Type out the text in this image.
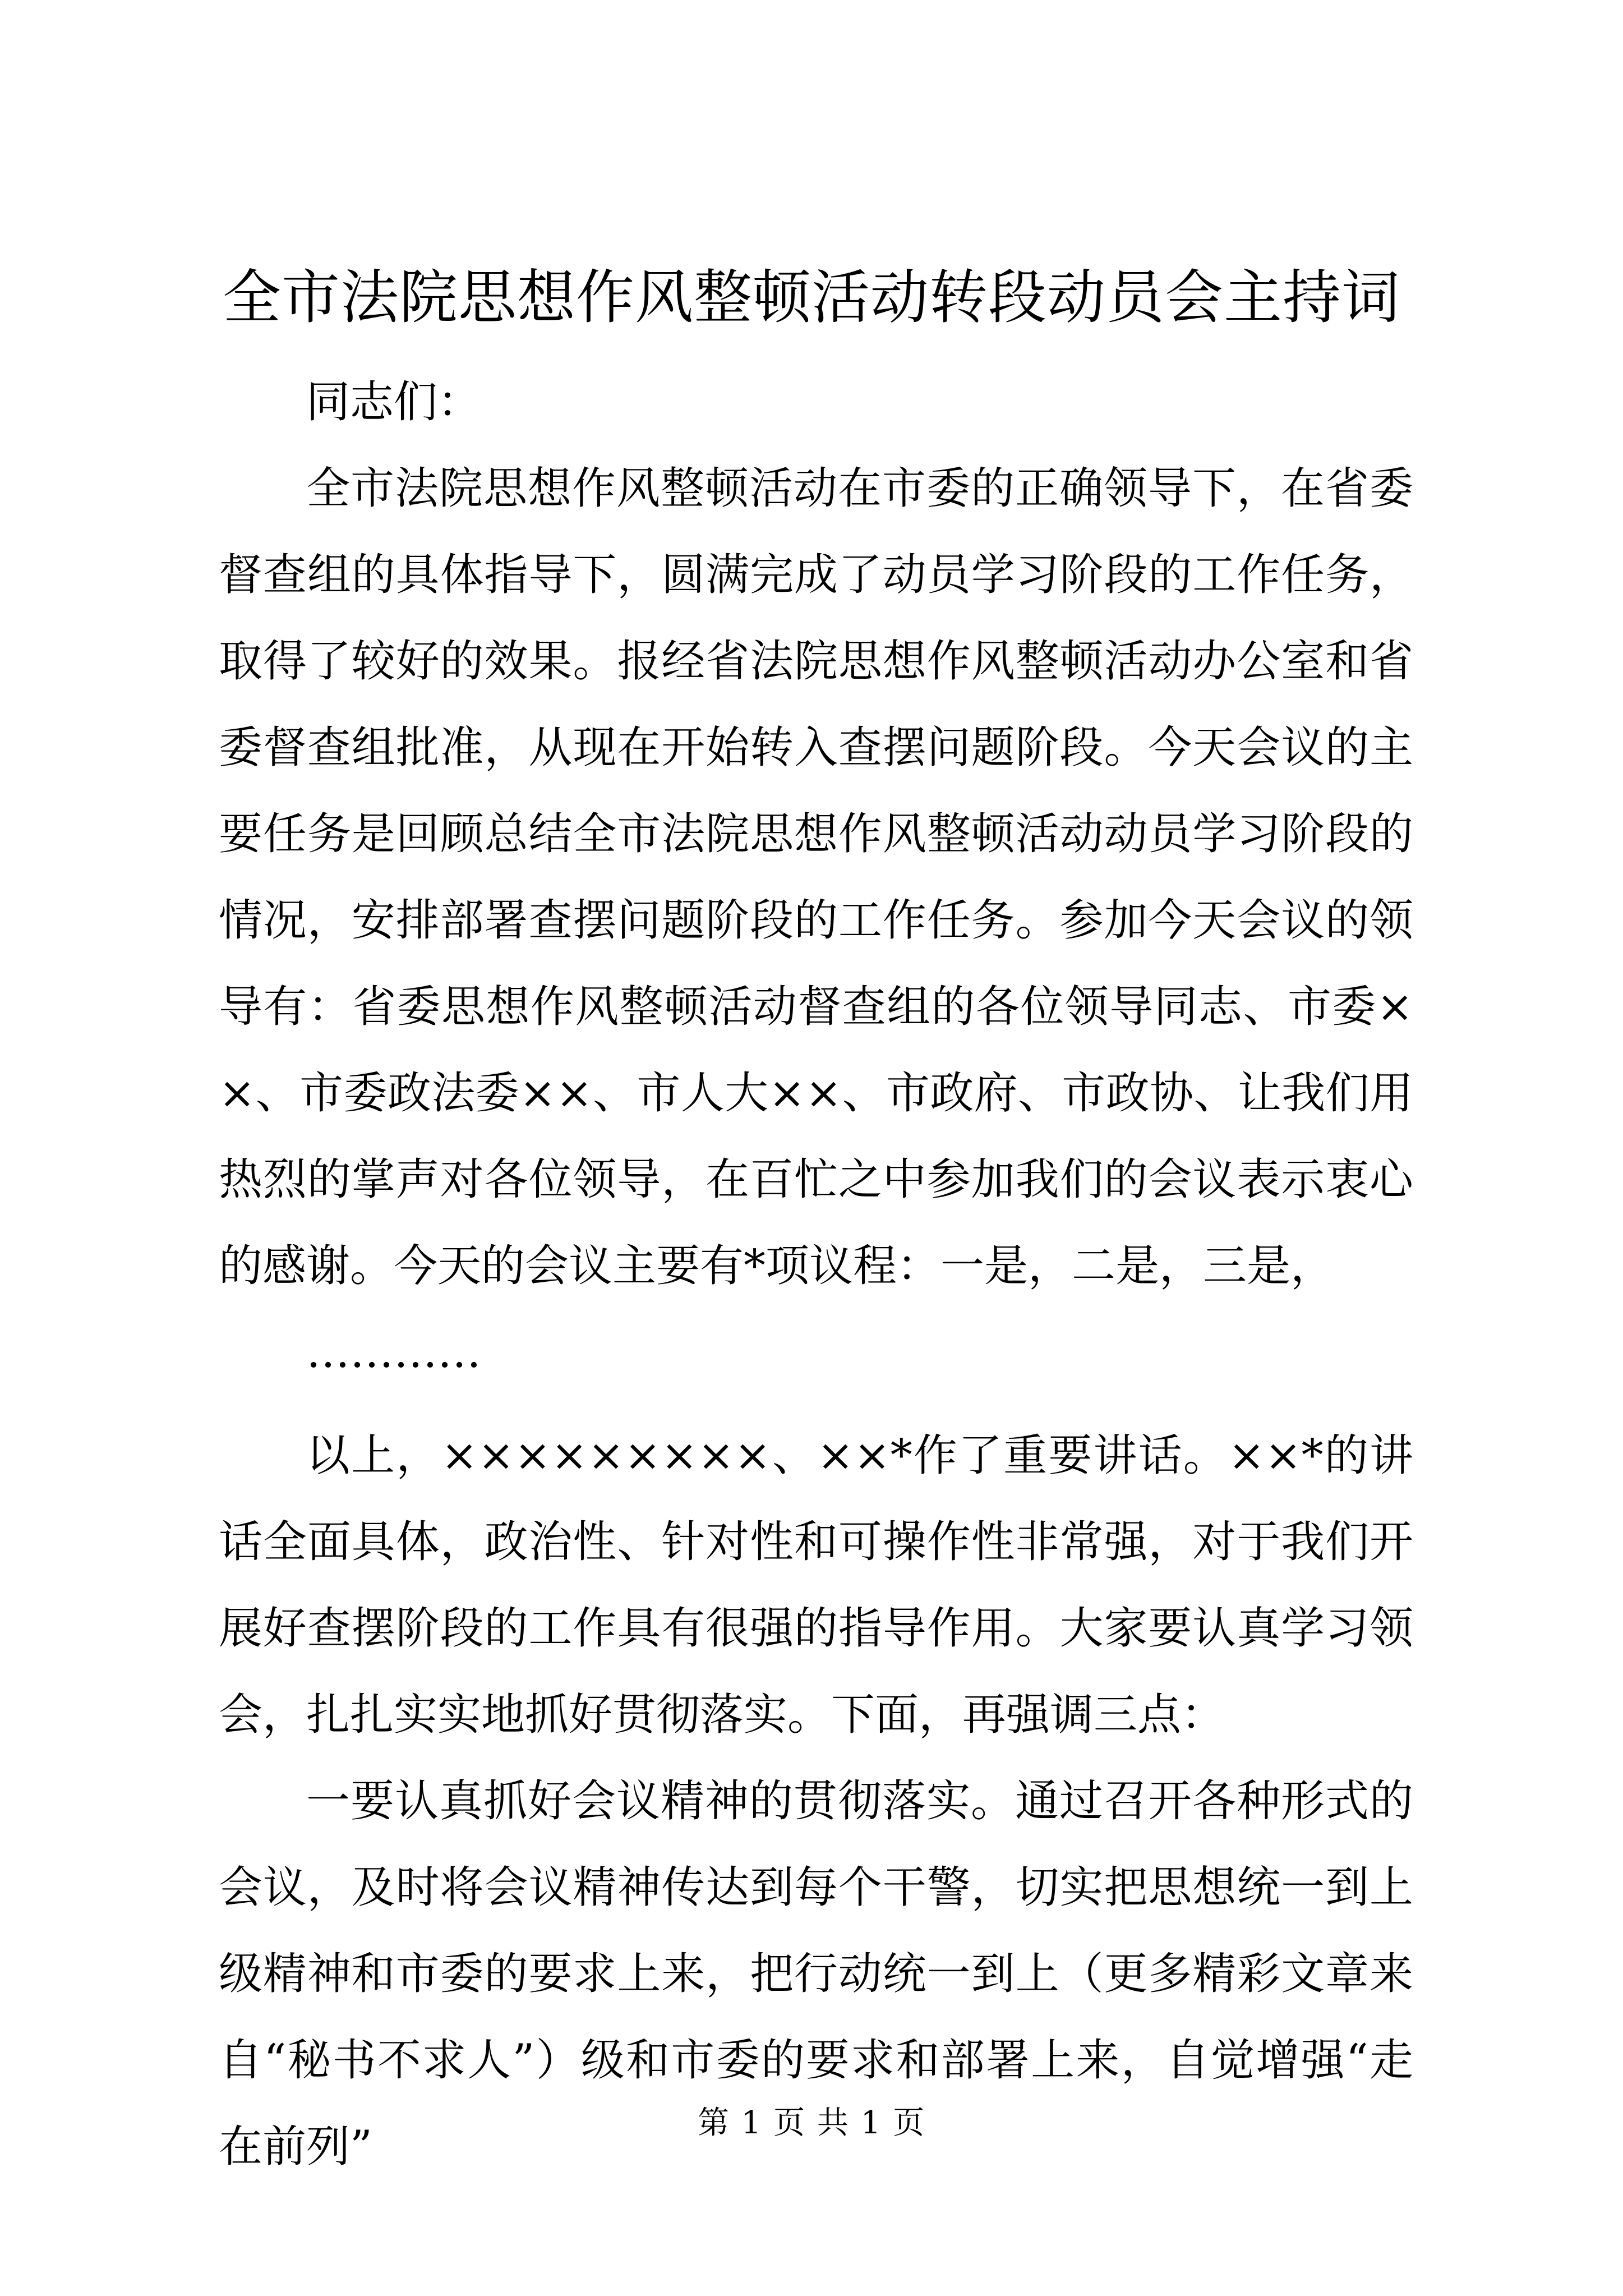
全市法院思想作风整顿活动转段动员会主持词

同志们：

全市法院思想作风整顿活动在市委的正确领导下，在省委督查组的具体指导下，圆满完成了动员学习阶段的工作任务，取得了较好的效果。报经省法院思想作风整顿活动办公室和省委督查组批准，从现在开始转入查摆问题阶段。今天会议的主要任务是回顾总结全市法院思想作风整顿活动动员学习阶段的情况，安排部署查摆问题阶段的工作任务。参加今天会议的领导有：省委思想作风整顿活动督查组的各位领导同志、市委××、市委政法委××、市人大××、市政府、市政协、让我们用热烈的掌声对各位领导，在百忙之中参加我们的会议表示衷心的感谢。今天的会议主要有*项议程：一是，二是，三是，

…………

以上，×××××××××、××*作了重要讲话。××*的讲话全面具体，政治性、针对性和可操作性非常强，对于我们开展好查摆阶段的工作具有很强的指导作用。大家要认真学习领会，扎扎实实地抓好贯彻落实。下面，再强调三点：

一要认真抓好会议精神的贯彻落实。通过召开各种形式的会议，及时将会议精神传达到每个干警，切实把思想统一到上级精神和市委的要求上来，把行动统一到上（更多精彩文章来自“秘书不求人”）级和市委的要求和部署上来，自觉增强“走在前列”	第 1 页 共 1 页
